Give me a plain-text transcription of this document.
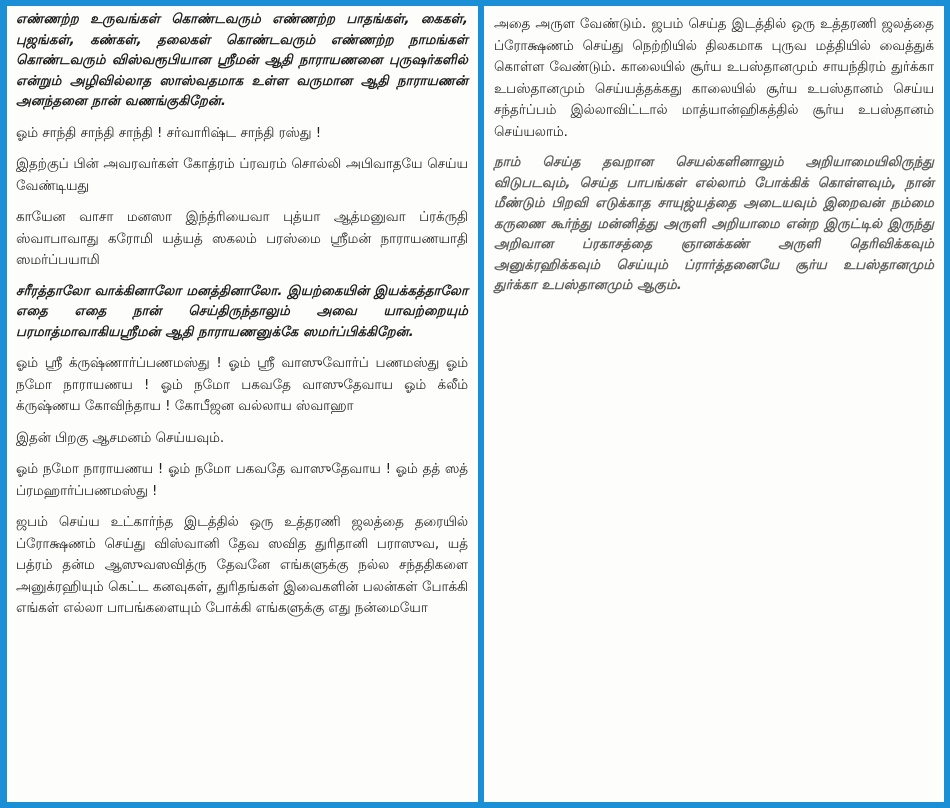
எண்ணற்ற உருவங்கள் கொண்டவரும் எண்ணற்ற பாதங்கள், கைகள், புஜங்கள், கண்கள், தலைகள் கொண்டவரும் எண்ணற்ற நாமங்கள் கொண்டவரும் விஸ்வரூபியான ஸ்ரீமன் ஆதி நாராயணனை புருஷர்களில் என்றும் அழிவில்லாத ஸாஸ்வதமாக உள்ள வருமான ஆதி நாராயணன் அனந்தனை நான் வணங்குகிறேன்.

ஓம் சாந்தி சாந்தி சாந்தி ! சர்வாரிஷ்ட சாந்தி ரஸ்து !

இதற்குப் பின் அவரவர்கள் கோத்ரம் ப்ரவரம் சொல்லி அபிவாதயே செய்ய வேண்டியது

காயேன வாசா மனஸா இந்த்ரியைவா புத்யா ஆத்மனுவா ப்ரக்ருதி ஸ்வாபாவாது கரோமி யத்யத் ஸகலம் பரஸ்மை ஸ்ரீமன் நாராயணயாதி ஸமர்ப்பயாமி

சரீரத்தாலோ வாக்கினாலோ மனத்தினாலோ. இயற்கையின் இயக்கத்தாலோ எதை எதை நான் செய்திருந்தாலும் அவை யாவற்றையும் பரமாத்மாவாகியஸ்ரீமன் ஆதி நாராயணனுக்கே ஸமர்ப்பிக்கிறேன்.

ஓம் ஸ்ரீ க்ருஷ்ணார்ப்பணமஸ்து ! ஓம் ஸ்ரீ வாஸுவோர்ப் பணமஸ்து ஓம் நமோ நாராயணய ! ஓம் நமோ பகவதே வாஸுதேவாய ஓம் க்லீம் க்ருஷ்ணய கோவிந்தாய ! கோபீஜன வல்லாய ஸ்வாஹா

இதன் பிறகு ஆசமனம் செய்யவும்.

ஓம் நமோ நாராயணய ! ஓம் நமோ பகவதே வாஸுதேவாய ! ஓம் தத் ஸத் ப்ரமஹார்ப்பணமஸ்து !

ஜபம் செய்ய உட்கார்ந்த இடத்தில் ஒரு உத்தரணி ஜலத்தை தரையில் ப்ரோக்ஷணம் செய்து விஸ்வானி தேவ ஸவித துரிதானி பராஸுவ, யத் பத்ரம் தன்ம ஆஸுவஸவித்ரு தேவனே எங்களுக்கு நல்ல சந்ததிகளை அனுக்ரஹியும் கெட்ட கனவுகள், துரிதங்கள் இவைகளின் பலன்கள் போக்கி எங்கள் எல்லா பாபங்களையும் போக்கி எங்களுக்கு எது நன்மையோ

அதை அருள வேண்டும். ஜபம் செய்த இடத்தில் ஒரு உத்தரணி ஜலத்தை ப்ரோக்ஷணம் செய்து நெற்றியில் திலகமாக புருவ மத்தியில் வைத்துக் கொள்ள வேண்டும். காலையில் சூர்ய உபஸ்தானமும் சாயந்திரம் துர்க்கா உபஸ்தானமும் செய்யத்தக்கது காலையில் சூர்ய உபஸ்தானம் செய்ய சந்தர்ப்பம் இல்லாவிட்டால் மாத்யான்ஹிகத்தில் சூர்ய உபஸ்தானம் செய்யலாம்.

நாம் செய்த தவறான செயல்களினாலும் அறியாமையிலிருந்து விடுபடவும், செய்த பாபங்கள் எல்லாம் போக்கிக் கொள்ளவும், நான் மீண்டும் பிறவி எடுக்காத சாயுஜ்யத்தை அடையவும் இறைவன் நம்மை கருணை கூர்ந்து மன்னித்து அருளி அறியாமை என்ற இருட்டில் இருந்து அறிவான ப்ரகாசத்தை ஞானக்கண் அருளி தெரிவிக்கவும் அனுக்ரஹிக்கவும் செய்யும் ப்ரார்த்தனையே சூர்ய உபஸ்தானமும் துர்க்கா உபஸ்தானமும் ஆகும்.
